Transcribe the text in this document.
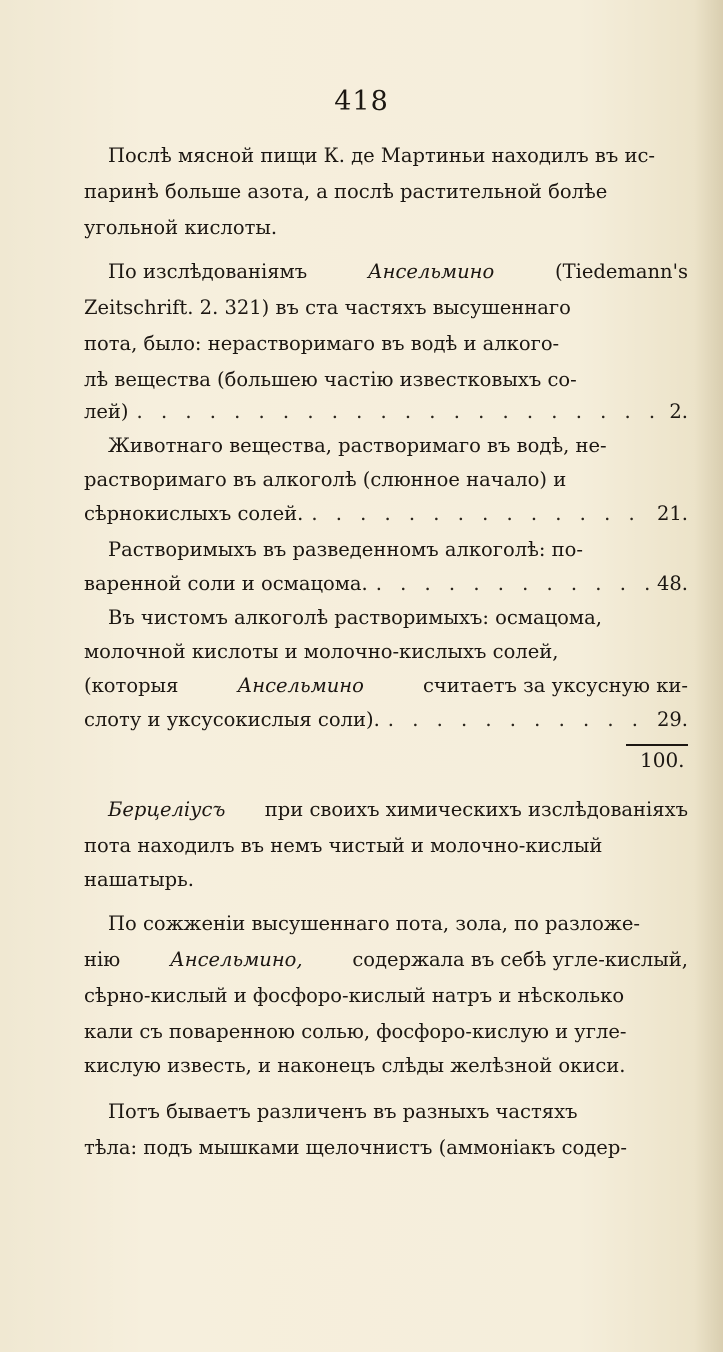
418
Послѣ мясной пищи К. де Мартиньи находилъ въ ис-
паринѣ больше азота, а послѣ растительной болѣе
угольной кислоты.
По изслѣдованіямъ	Ансельмино	(Tiedemann's
Zeitschrift. 2. 321) въ ста частяхъ высушеннаго
пота, было: нерастворимаго въ водѣ и алкого-
лѣ вещества (большею частію известковыхъ со-
лей) . . .	2.
Животнаго вещества, растворимаго въ водѣ, не-
растворимаго въ алкоголѣ (слюнное начало) и
сѣрнокислыхъ солей. . . .	21.
Растворимыхъ въ разведенномъ алкоголѣ: по-
варенной соли и осмацома. . . .	48.
Въ чистомъ алкоголѣ растворимыхъ: осмацома,
молочной кислоты и молочно-кислыхъ солей,
(которыя	Ансельмино	считаетъ за уксусную ки-
слоту и уксусокислыя соли). . . .	29.
100.
Берцеліусъ при своихъ химическихъ изслѣдованіяхъ
пота находилъ въ немъ чистый и молочно-кислый
нашатырь.
По сожженіи высушеннаго пота, зола, по разложе-
нію	Ансельмино,	содержала въ себѣ угле-кислый,
сѣрно-кислый и фосфоро-кислый натръ и нѣсколько
кали съ поваренною солью, фосфоро-кислую и угле-
кислую известь, и наконецъ слѣды желѣзной окиси.
Потъ бываетъ различенъ въ разныхъ частяхъ
тѣла: подъ мышками щелочнистъ (аммоніакъ содер-
